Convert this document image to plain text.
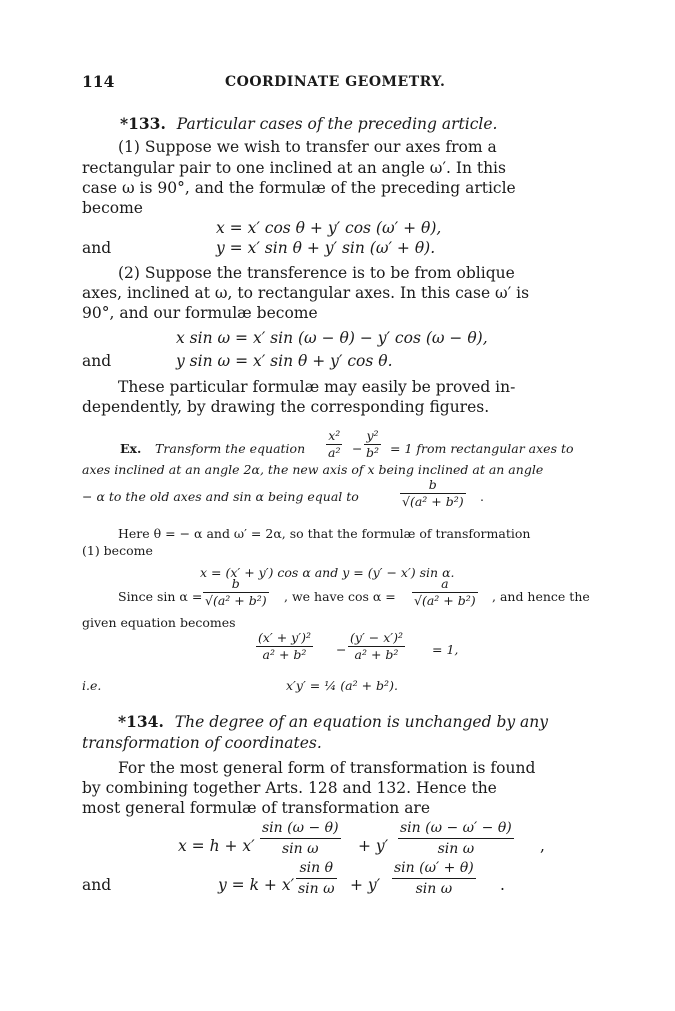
114	COORDINATE GEOMETRY.
*133. Particular cases of the preceding article.
(1) Suppose we wish to transfer our axes from a
rectangular pair to one inclined at an angle ω′. In this
case ω is 90°, and the formulæ of the preceding article
become
x = x′ cos θ + y′ cos (ω′ + θ),
and	y = x′ sin θ + y′ sin (ω′ + θ).
(2) Suppose the transference is to be from oblique
axes, inclined at ω, to rectangular axes. In this case ω′ is
90°, and our formulæ become
x sin ω = x′ sin (ω − θ) − y′ cos (ω − θ),
and	y sin ω = x′ sin θ + y′ cos θ.
These particular formulæ may easily be proved in-
dependently, by drawing the corresponding figures.
Ex. Transform the equation $\frac{\text{x²}}{\text{a²}} - \frac{\text{y²}}{\text{b²}} = 1$ from rectangular axes to
axes inclined at an angle 2α, the new axis of x being inclined at an angle
− α to the old axes and sin α being equal to	$\frac{b}{\text{√(a² + b²)}}$ .
Here θ = − α and ω′ = 2α, so that the formulæ of transformation
(1) become
x = (x′ + y′) cos α and y = (y′ − x′) sin α.
Since $\sin \alpha = \frac{b}{\text{√(a² + b²)}}$ , we have $\cos \alpha = \frac{a}{\text{√(a² + b²)}}$ , and hence the
given equation becomes
$\frac{\text{(x′ + y′)²}}{\text{a² + b²}} - \frac{\text{(y′ − x′)²}}{\text{a² + b²}} = 1$,
i.e.	x′y′ = ¼ (a² + b²).
*134. The degree of an equation is unchanged by any
transformation of coordinates.
For the most general form of transformation is found
by combining together Arts. 128 and 132. Hence the
most general formulæ of transformation are
$x = h + x' \frac{\sin (\omega - \theta)}{\text{sin ω}} + y' \frac{\sin (\omega - \omega' - \theta)}{\text{sin ω}}$ ,
and	$y = k + x' \frac{\text{sin θ}}{\text{sin ω}} + y' \frac{\sin (\omega' + \theta)}{\text{sin ω}}$ .
